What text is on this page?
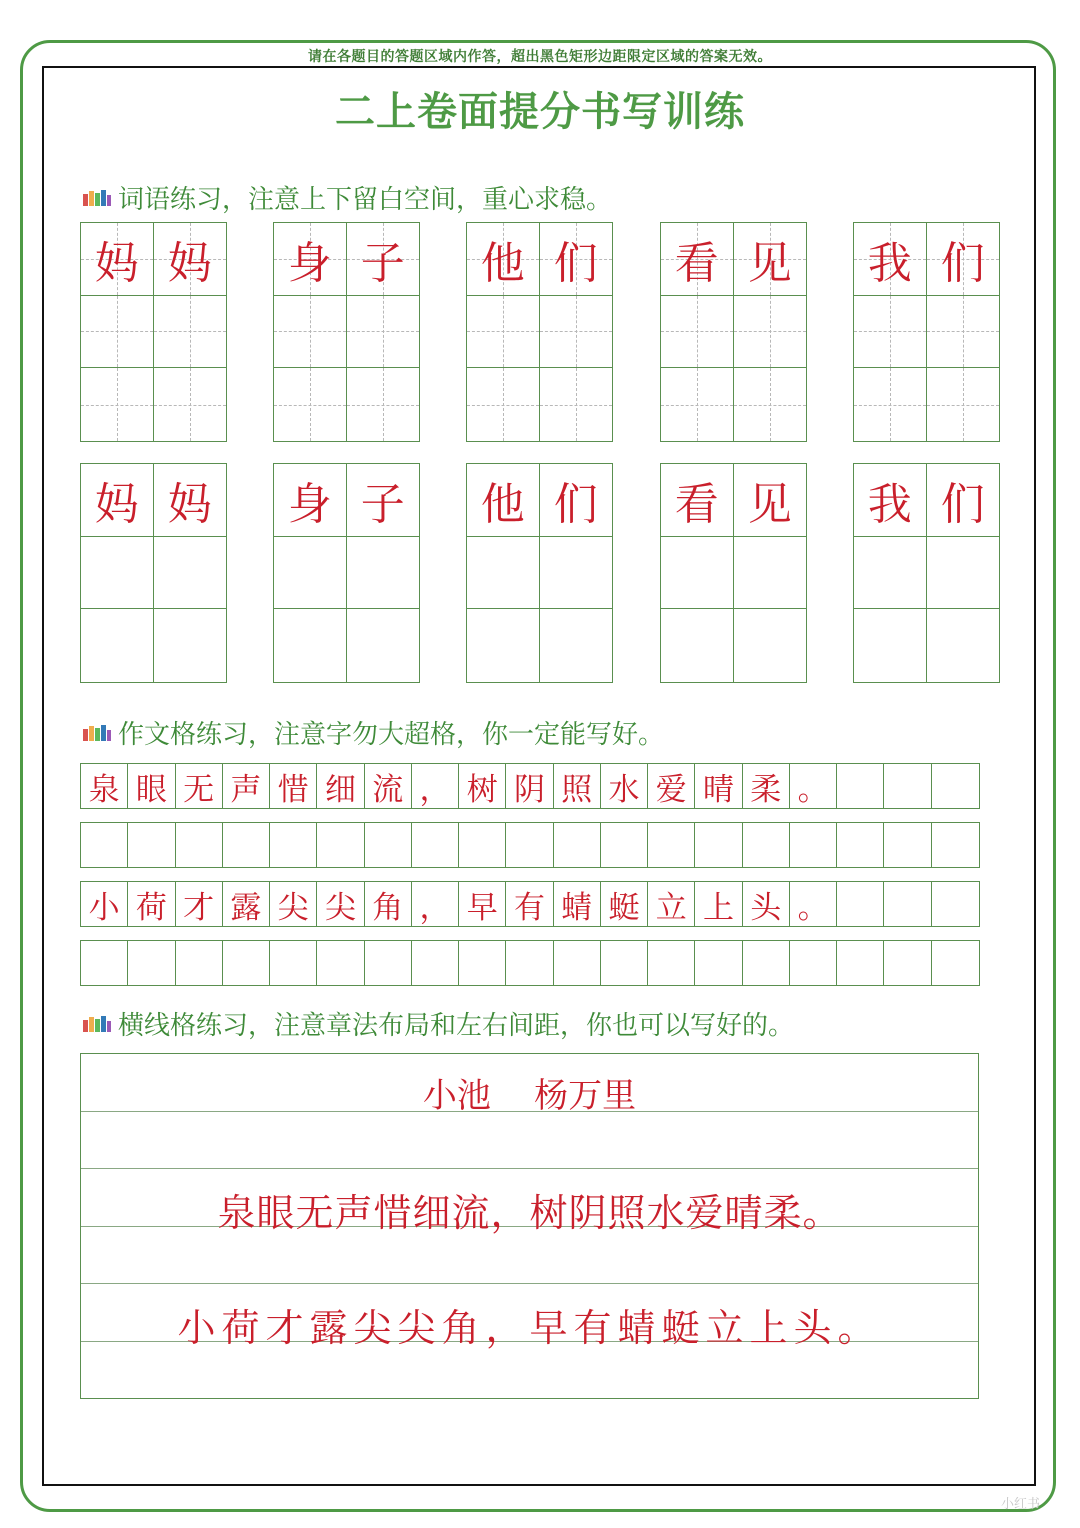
请在各题目的答题区域内作答，超出黑色矩形边距限定区域的答案无效。
二上卷面提分书写训练
词语练习，注意上下留白空间，重心求稳。
妈 妈 身 子 他 们 看 见 我 们
妈 妈 身 子 他 们 看 见 我 们
作文格练习，注意字勿大超格，你一定能写好。
泉 眼 无 声 惜 细 流 ， 树 阴 照 水 爱 晴 柔 。
小 荷 才 露 尖 尖 角 ， 早 有 蜻 蜓 立 上 头 。
横线格练习，注意章法布局和左右间距，你也可以写好的。
小池    杨万里
泉眼无声惜细流，树阴照水爱晴柔。
小荷才露尖尖角，早有蜻蜓立上头。
小红书
